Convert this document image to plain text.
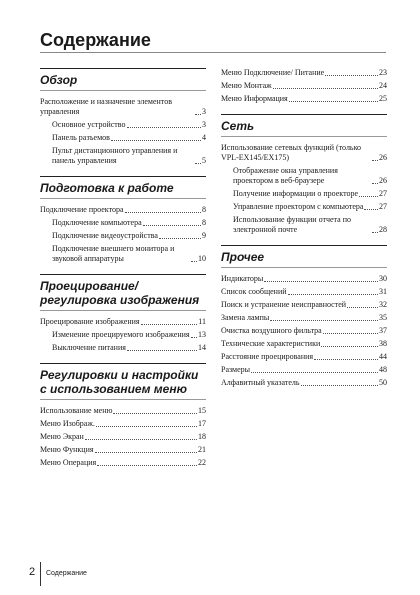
Содержание
Обзор
Расположение и назначение элементов управления	3
Основное устройство	3
Панель разъемов	4
Пульт дистанционного управления и панель управления	5
Подготовка к работе
Подключение проектора	8
Подключение компьютера	8
Подключение видеоустройства	9
Подключение внешнего монитора и звуковой аппаратуры	10
Проецирование/ регулировка изображения
Проецирование изображения	11
Изменение проецируемого изображения 13
Выключение питания	14
Регулировки и настройки с использованием меню
Использование меню	15
Меню Изображ.	17
Меню Экран	18
Меню Функция	21
Меню Операция	22
Меню Подключение/ Питание	23
Меню Монтаж	24
Меню Информация	25
Сеть
Использование сетевых функций (только VPL-EX145/EX175)	26
Отображение окна управления проектором в веб-браузере	26
Получение информации о проекторе	27
Управление проектором с компьютера 27
Использование функции отчета по электронной почте	28
Прочее
Индикаторы	30
Список сообщений	31
Поиск и устранение неисправностей	32
Замена лампы	35
Очистка воздушного фильтра	37
Технические характеристики	38
Расстояние проецирования	44
Размеры	48
Алфавитный указатель	50
2 Содержание
